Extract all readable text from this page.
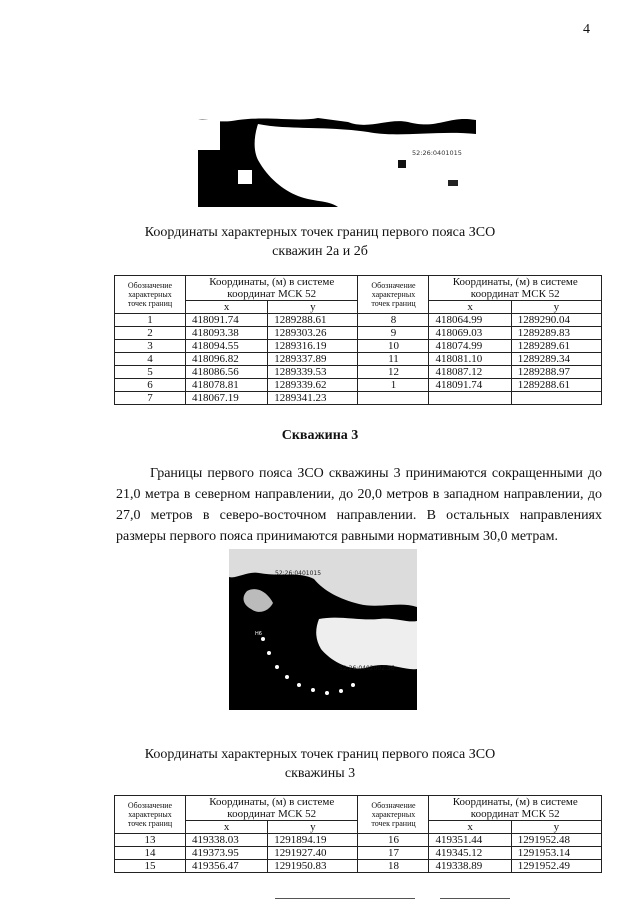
4
52:26:0401015
Координаты характерных точек границ первого пояса ЗСО
скважин 2а и 2б
Обозначение характерных точек границ	Координаты, (м) в системе координат МСК 52		Обозначение характерных точек границ	Координаты, (м) в системе координат МСК 52	
	x	y		x	y
1	418091.74	1289288.61	8	418064.99	1289290.04
2	418093.38	1289303.26	9	418069.03	1289289.83
3	418094.55	1289316.19	10	418074.99	1289289.61
4	418096.82	1289337.89	11	418081.10	1289289.34
5	418086.56	1289339.53	12	418087.12	1289288.97
6	418078.81	1289339.62	1	418091.74	1289288.61
7	418067.19	1289341.23			
Скважина 3
Границы первого пояса ЗСО скважины 3 принимаются сокращенными до 21,0 метра в северном направлении, до 20,0 метров в западном направлении, до 27,0 метров в северо-восточном направлении. В остальных направлениях размеры первого пояса принимаются равными нормативным 30,0 метрам.
Н6
52:26:0401015
52:26:0402002:56
Координаты характерных точек границ первого пояса ЗСО
скважины 3
Обозначение характерных точек границ	Координаты, (м) в системе координат МСК 52		Обозначение характерных точек границ	Координаты, (м) в системе координат МСК 52	
	x	y		x	y
13	419338.03	1291894.19	16	419351.44	1291952.48
14	419373.95	1291927.40	17	419345.12	1291953.14
15	419356.47	1291950.83	18	419338.89	1291952.49
